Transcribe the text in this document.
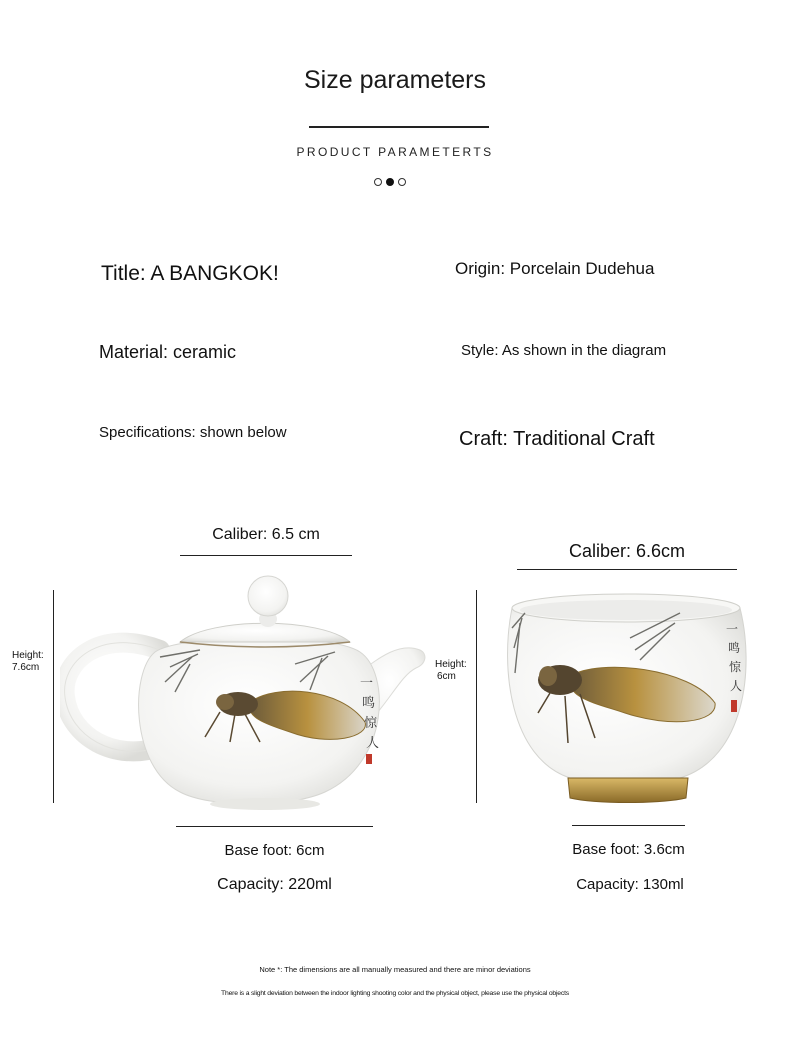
Size parameters
PRODUCT PARAMETERTS
Title: A BANGKOK!	Origin: Porcelain Dudehua
Material: ceramic	Style: As shown in the diagram
Specifications: shown below	Craft: Traditional Craft
Caliber: 6.5 cm
Height:
7.6cm
一
鸣
惊
人
Base foot: 6cm
Capacity: 220ml
Caliber: 6.6cm
Height:
6cm
一
鸣
惊
人
Base foot: 3.6cm
Capacity: 130ml
Note *: The dimensions are all manually measured and there are minor deviations
There is a slight deviation between the indoor lighting shooting color and the physical object, please use the physical objects
